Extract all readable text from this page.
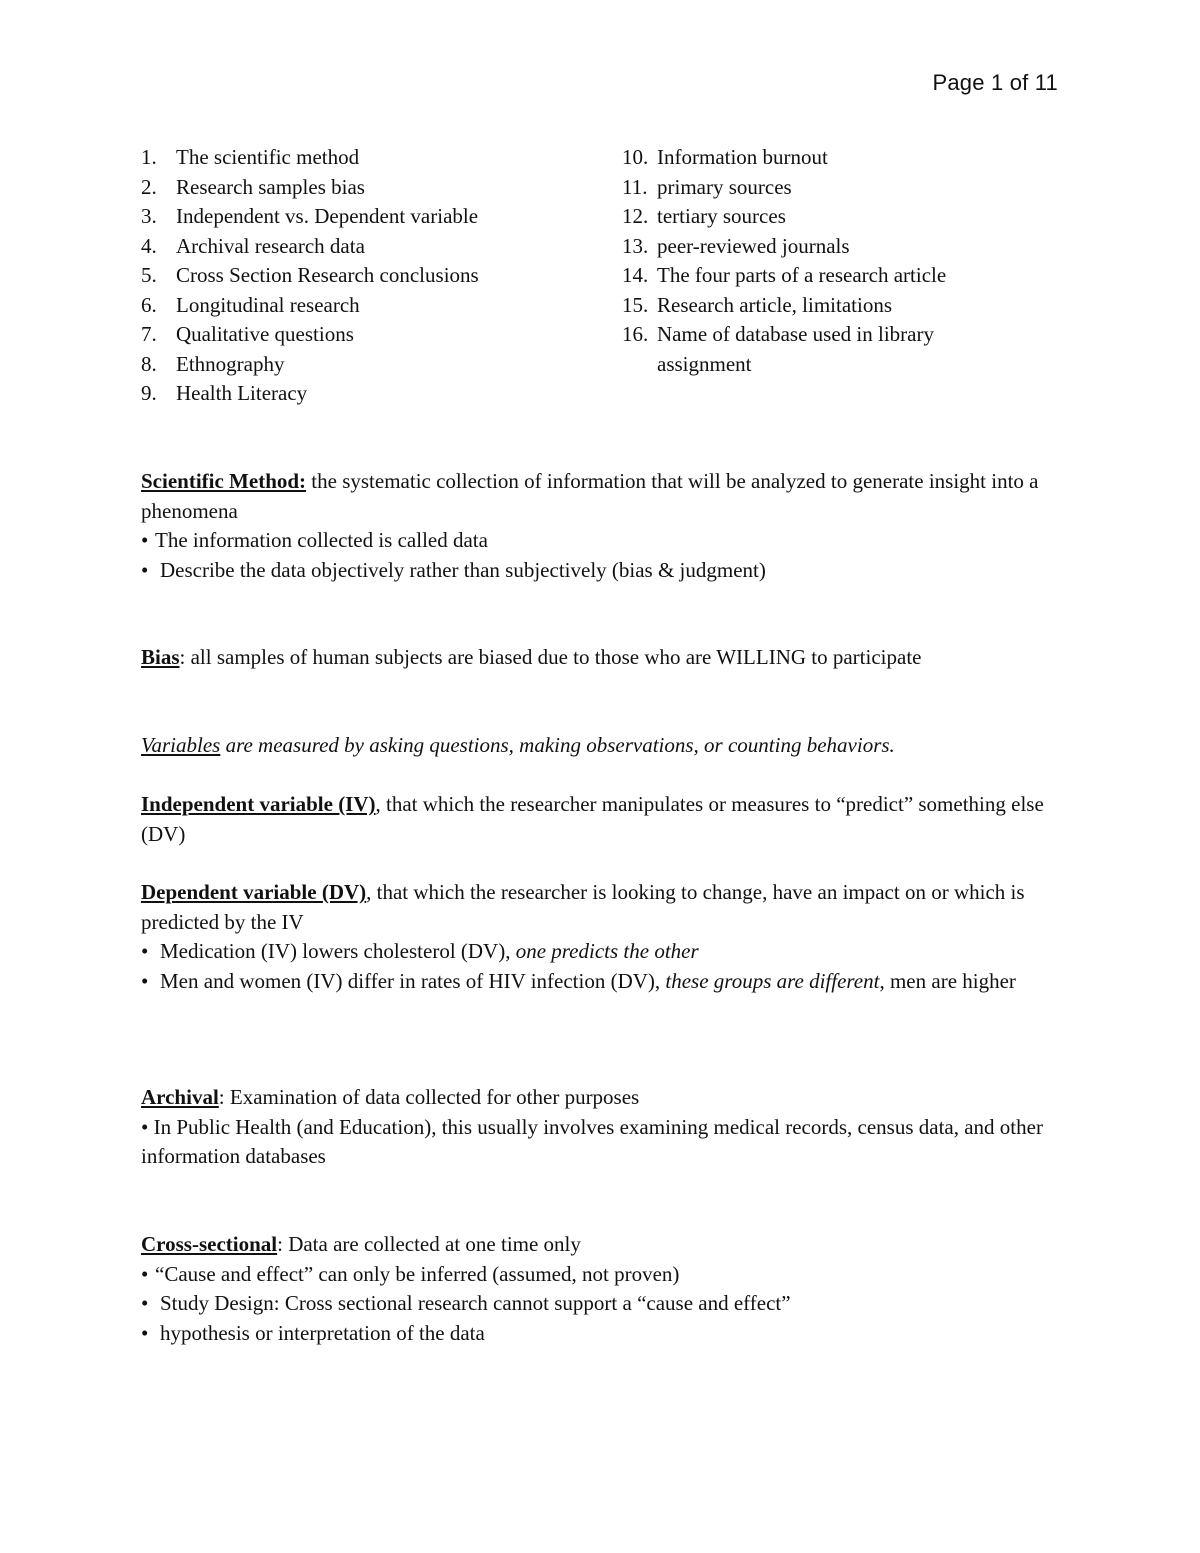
Page 1 of 11
1. The scientific method
2. Research samples bias
3. Independent vs. Dependent variable
4. Archival research data
5. Cross Section Research conclusions
6. Longitudinal research
7. Qualitative questions
8. Ethnography
9. Health Literacy
10. Information burnout
11. primary sources
12. tertiary sources
13. peer-reviewed journals
14. The four parts of a research article
15. Research article, limitations
16. Name of database used in library assignment

Scientific Method: the systematic collection of information that will be analyzed to generate insight into a phenomena

• The information collected is called data
• Describe the data objectively rather than subjectively (bias & judgment)

Bias: all samples of human subjects are biased due to those who are WILLING to participate

Variables are measured by asking questions, making observations, or counting behaviors.

Independent variable (IV), that which the researcher manipulates or measures to “predict” something else (DV)

Dependent variable (DV), that which the researcher is looking to change, have an impact on or which is predicted by the IV

• Medication (IV) lowers cholesterol (DV), one predicts the other
• Men and women (IV) differ in rates of HIV infection (DV), these groups are different, men are higher

Archival: Examination of data collected for other purposes

• In Public Health (and Education), this usually involves examining medical records, census data, and other information databases

Cross-sectional: Data are collected at one time only

• “Cause and effect” can only be inferred (assumed, not proven)
• Study Design: Cross sectional research cannot support a “cause and effect”
• hypothesis or interpretation of the data
